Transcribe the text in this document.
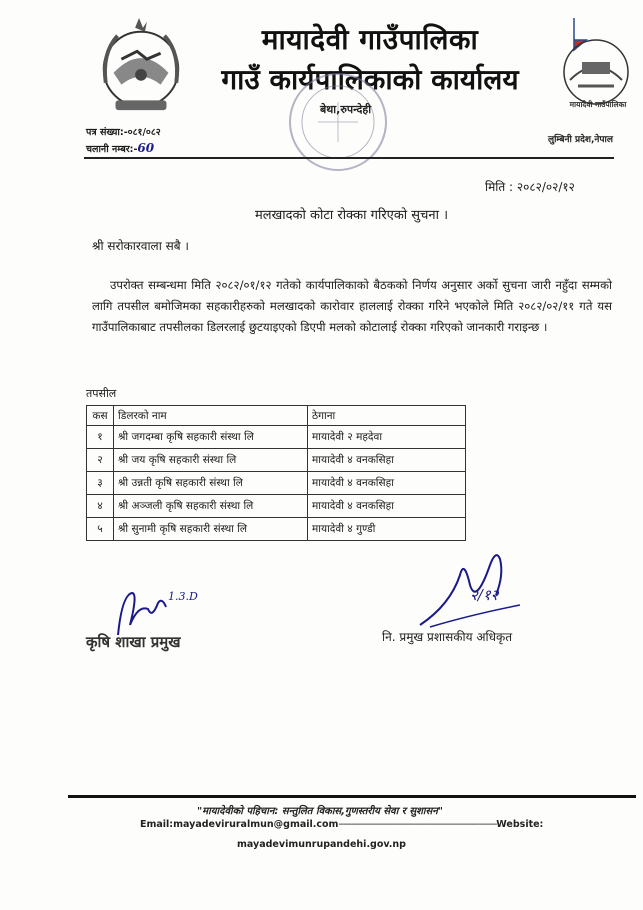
मायादेवी गाउँपालिका
गाउँ कार्यपालिकाको कार्यालय
बेथा,रुपन्देही	मायादेवी गाउँपालिका
लुम्बिनी प्रदेश,नेपाल
पत्र संख्या:-०८१/०८२
चलानी नम्बर:-60
मिति : २०८२/०२/१२
मलखादको कोटा रोक्का गरिएको सुचना ।
श्री सरोकारवाला सबै ।

उपरोक्त सम्बन्धमा मिति २०८२/०१/१२ गतेको कार्यपालिकाको बैठकको निर्णय अनुसार अर्को सुचना जारी नहुँदा सम्मको लागि तपसील बमोजिमका सहकारीहरुको मलखादको कारोवार हाललाई रोक्का गरिने भएकोले मिति २०८२/०२/११ गते यस गाउँपालिकाबाट तपसीलका डिलरलाई छुटयाइएको डिएपी मलको कोटालाई रोक्का गरिएको जानकारी गराइन्छ ।

तपसील
कस	डिलरको नाम	ठेगाना
१	श्री जगदम्बा कृषि सहकारी संस्था लि	मायादेवी २ महदेवा
२	श्री जय कृषि सहकारी संस्था लि	मायादेवी ४ वनकसिहा
३	श्री उन्नती कृषि सहकारी संस्था लि	मायादेवी ४ वनकसिहा
४	श्री अञ्जली कृषि सहकारी संस्था लि	मायादेवी ४ वनकसिहा
५	श्री सुनामी कृषि सहकारी संस्था लि	मायादेवी ४ गुण्डी
1.3.D
कृषि शाखा प्रमुख
२/१२
नि. प्रमुख प्रशासकीय अधिकृत
"मायादेवीको पहिचान: सन्तुलित विकास,गुणस्तरीय सेवा र सुशासन"
Email:mayadeviruralmun@gmail.com-----------------------------------------------------------------Website:
mayadevimunrupandehi.gov.np
